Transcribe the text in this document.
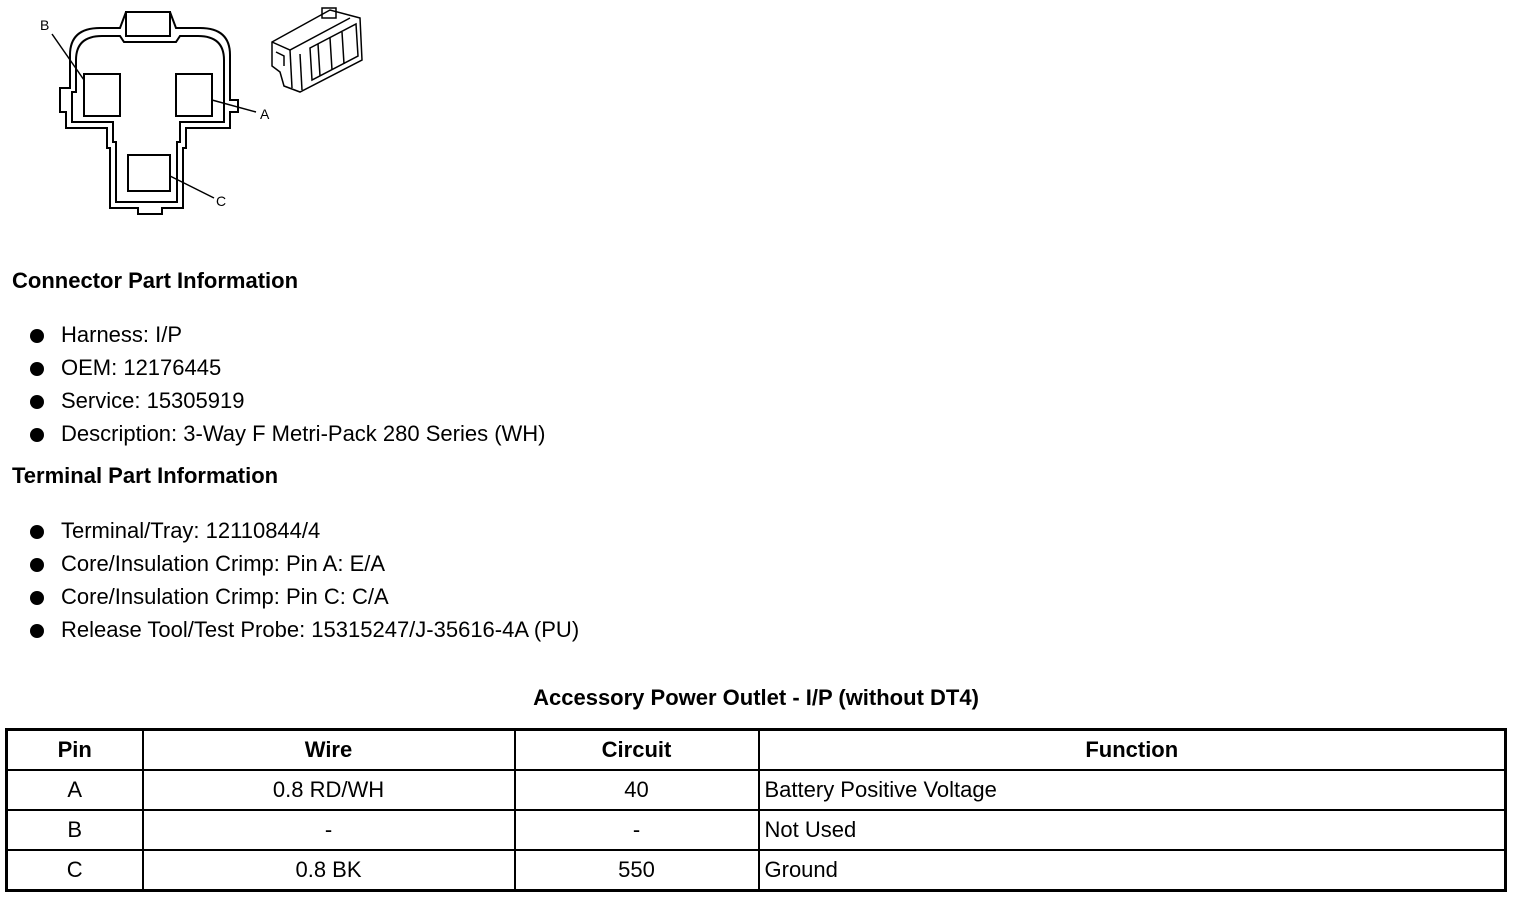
B
A
C
Connector Part Information
Harness: I/P
OEM: 12176445
Service: 15305919
Description: 3-Way F Metri-Pack 280 Series (WH)
Terminal Part Information
Terminal/Tray: 12110844/4
Core/Insulation Crimp: Pin A: E/A
Core/Insulation Crimp: Pin C: C/A
Release Tool/Test Probe: 15315247/J-35616-4A (PU)
Accessory Power Outlet - I/P (without DT4)
Pin	Wire	Circuit	Function
A	0.8 RD/WH	40	Battery Positive Voltage
B	-	-	Not Used
C	0.8 BK	550	Ground
